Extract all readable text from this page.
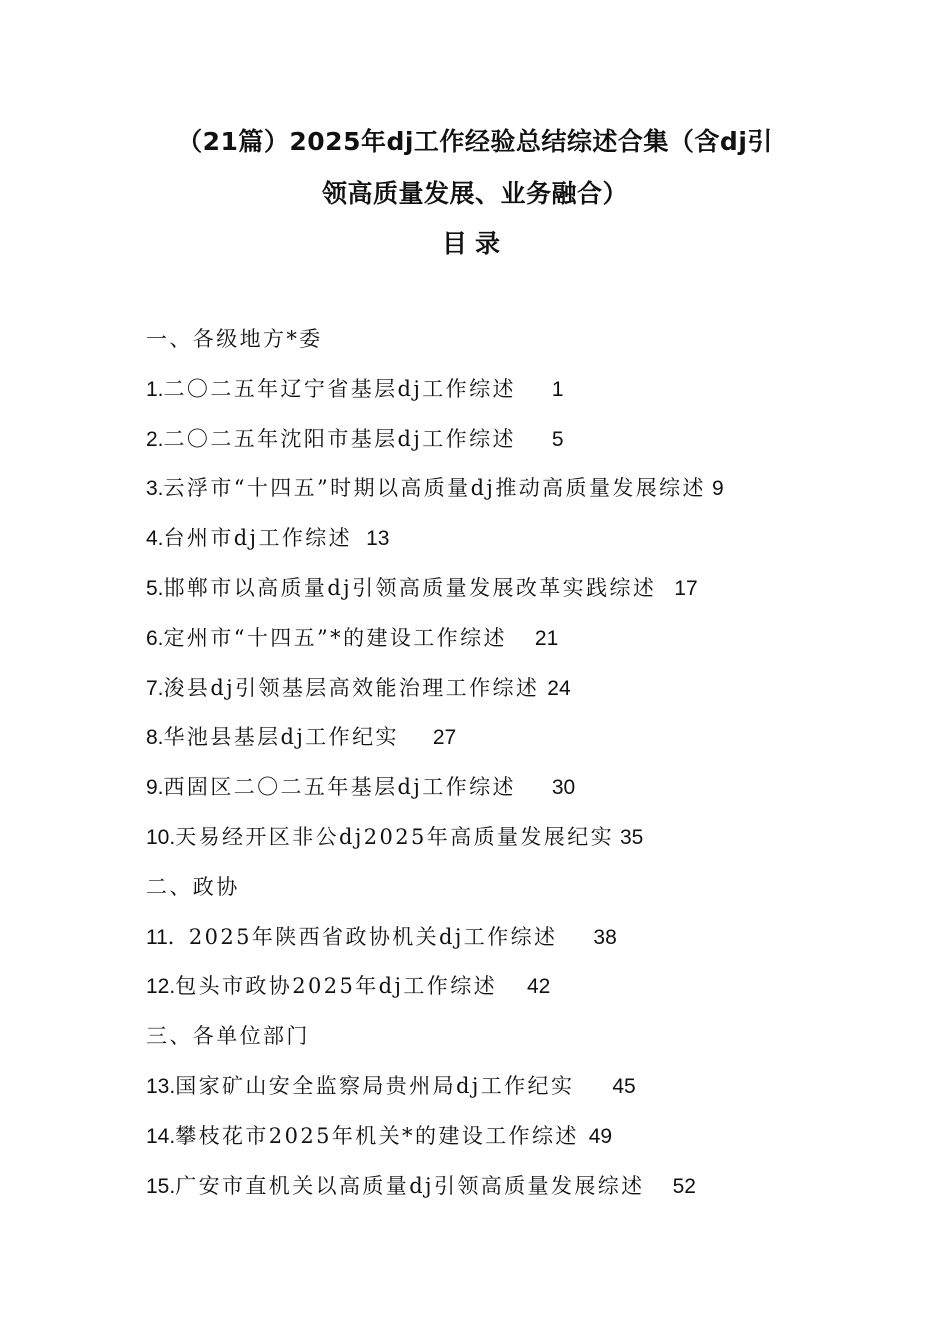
（21篇）2025年dj工作经验总结综述合集（含dj引
领高质量发展、业务融合）
目录
一、各级地方*委
1.二〇二五年辽宁省基层dj工作综述 1
2.二〇二五年沈阳市基层dj工作综述 5
3.云浮市“十四五”时期以高质量dj推动高质量发展综述 9
4.台州市dj工作综述 13
5.邯郸市以高质量dj引领高质量发展改革实践综述 17
6.定州市“十四五”*的建设工作综述 21
7.浚县dj引领基层高效能治理工作综述 24
8.华池县基层dj工作纪实 27
9.西固区二〇二五年基层dj工作综述 30
10.天易经开区非公dj2025年高质量发展纪实 35
二、政协
11．2025年陕西省政协机关dj工作综述 38
12.包头市政协2025年dj工作综述 42
三、各单位部门
13.国家矿山安全监察局贵州局dj工作纪实 45
14.攀枝花市2025年机关*的建设工作综述 49
15.广安市直机关以高质量dj引领高质量发展综述 52
